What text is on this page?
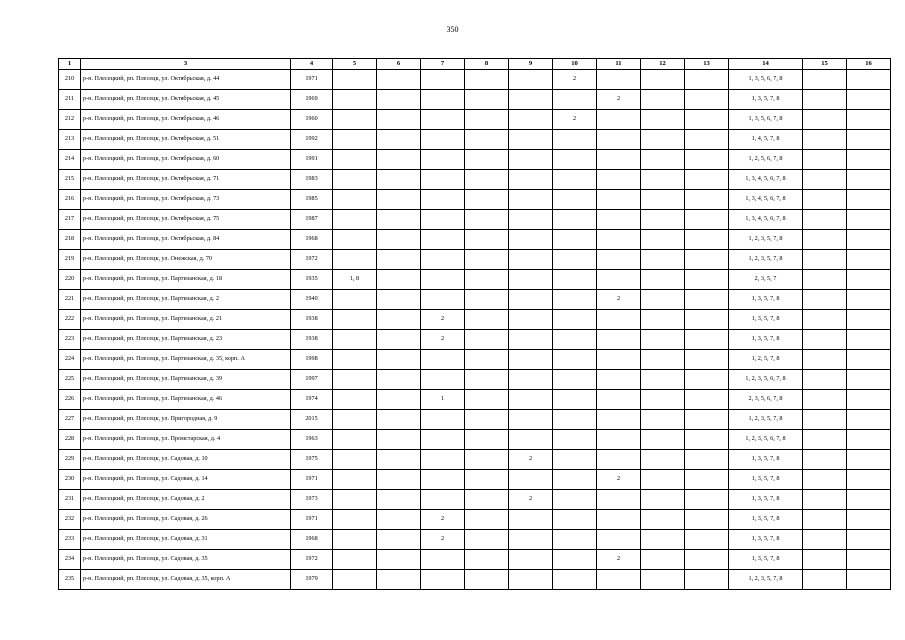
350
1	3	4	5	6	7	8	9	10	11	12	13	14	15	16
210	р-н. Плесецкий, рп. Плесецк, ул. Октябрьская, д. 44	1971						2				1, 3, 5, 6, 7, 8		
211	р-н. Плесецкий, рп. Плесецк, ул. Октябрьская, д. 45	1969							2			1, 3, 5, 7, 8		
212	р-н. Плесецкий, рп. Плесецк, ул. Октябрьская, д. 46	1960						2				1, 3, 5, 6, 7, 8		
213	р-н. Плесецкий, рп. Плесецк, ул. Октябрьская, д. 51	1992										1, 4, 5, 7, 8		
214	р-н. Плесецкий, рп. Плесецк, ул. Октябрьская, д. 60	1991										1, 2, 5, 6, 7, 8		
215	р-н. Плесецкий, рп. Плесецк, ул. Октябрьская, д. 71	1983										1, 3, 4, 5, 6, 7, 8		
216	р-н. Плесецкий, рп. Плесецк, ул. Октябрьская, д. 73	1985										1, 3, 4, 5, 6, 7, 8		
217	р-н. Плесецкий, рп. Плесецк, ул. Октябрьская, д. 75	1987										1, 3, 4, 5, 6, 7, 8		
218	р-н. Плесецкий, рп. Плесецк, ул. Октябрьская, д. 84	1968										1, 2, 3, 5, 7, 8		
219	р-н. Плесецкий, рп. Плесецк, ул. Онежская, д. 70	1972										1, 2, 3, 5, 7, 8		
220	р-н. Плесецкий, рп. Плесецк, ул. Партизанская, д. 18	1935	1, 8									2, 3, 5, 7		
221	р-н. Плесецкий, рп. Плесецк, ул. Партизанская, д. 2	1940							2			1, 3, 5, 7, 8		
222	р-н. Плесецкий, рп. Плесецк, ул. Партизанская, д. 21	1938			2							1, 3, 5, 7, 8		
223	р-н. Плесецкий, рп. Плесецк, ул. Партизанская, д. 23	1938			2							1, 3, 5, 7, 8		
224	р-н. Плесецкий, рп. Плесецк, ул. Партизанская, д. 35, корп. А	1998										1, 2, 5, 7, 8		
225	р-н. Плесецкий, рп. Плесецк, ул. Партизанская, д. 39	1997										1, 2, 3, 5, 6, 7, 8		
226	р-н. Плесецкий, рп. Плесецк, ул. Партизанская, д. 46	1974			1							2, 3, 5, 6, 7, 8		
227	р-н. Плесецкий, рп. Плесецк, ул. Пригородная, д. 9	2015										1, 2, 3, 5, 7, 8		
228	р-н. Плесецкий, рп. Плесецк, ул. Промстарская, д. 4	1963										1, 2, 3, 5, 6, 7, 8		
229	р-н. Плесецкий, рп. Плесецк, ул. Садовая, д. 10	1975					2					1, 3, 5, 7, 8		
230	р-н. Плесецкий, рп. Плесецк, ул. Садовая, д. 14	1971							2			1, 3, 5, 7, 8		
231	р-н. Плесецкий, рп. Плесецк, ул. Садовая, д. 2	1973					2					1, 3, 5, 7, 8		
232	р-н. Плесецкий, рп. Плесецк, ул. Садовая, д. 26	1971			2							1, 3, 5, 7, 8		
233	р-н. Плесецкий, рп. Плесецк, ул. Садовая, д. 31	1968			2							1, 3, 5, 7, 8		
234	р-н. Плесецкий, рп. Плесецк, ул. Садовая, д. 35	1972							2			1, 3, 5, 7, 8		
235	р-н. Плесецкий, рп. Плесецк, ул. Садовая, д. 35, корп. А	1979										1, 2, 3, 5, 7, 8		
